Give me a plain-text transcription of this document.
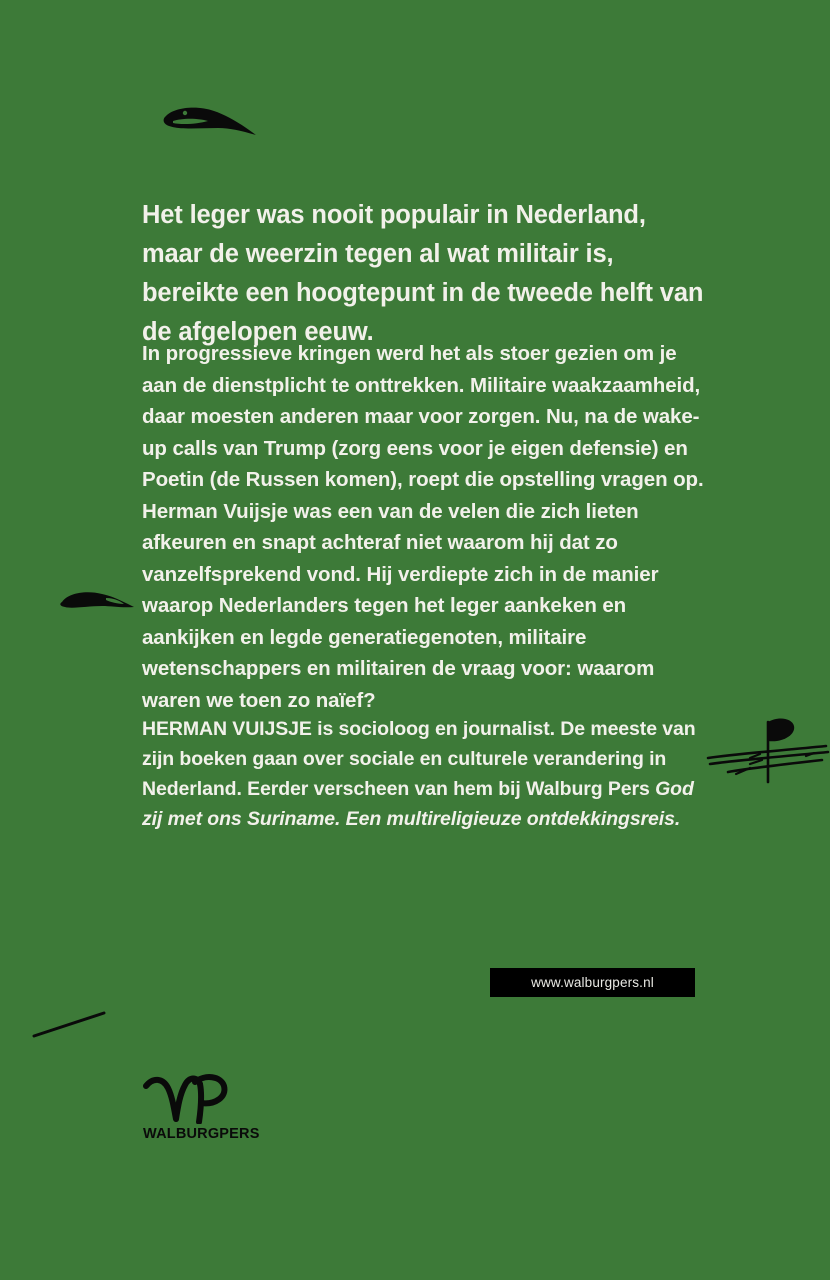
Het leger was nooit populair in Nederland, maar de weerzin tegen al wat militair is, bereikte een hoogtepunt in de tweede helft van de afgelopen eeuw.

In progressieve kringen werd het als stoer gezien om je aan de dienstplicht te onttrekken. Militaire waakzaamheid, daar moesten anderen maar voor zorgen. Nu, na de wake-up calls van Trump (zorg eens voor je eigen defensie) en Poetin (de Russen komen), roept die opstelling vragen op. Herman Vuijsje was een van de velen die zich lieten afkeuren en snapt achteraf niet waarom hij dat zo vanzelfsprekend vond. Hij verdiepte zich in de manier waarop Nederlanders tegen het leger aankeken en aankijken en legde generatiegenoten, militaire wetenschappers en militairen de vraag voor: waarom waren we toen zo naïef?

HERMAN VUIJSJE is socioloog en journalist. De meeste van zijn boeken gaan over sociale en culturele verandering in Nederland. Eerder verscheen van hem bij Walburg Pers God zij met ons Suriname. Een multireligieuze ontdekkingsreis.

www.walburgpers.nl
WALBURGPERS
